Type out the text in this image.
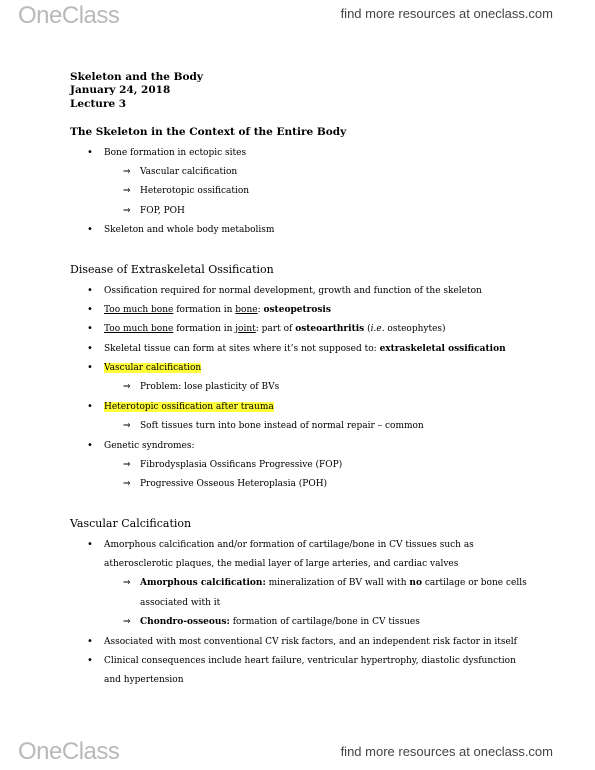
OneClass	find more resources at oneclass.com
Skeleton and the Body
January 24, 2018
Lecture 3
The Skeleton in the Context of the Entire Body
• Bone formation in ectopic sites
⇒ Vascular calcification
⇒ Heterotopic ossification
⇒ FOP, POH
• Skeleton and whole body metabolism
Disease of Extraskeletal Ossification
• Ossification required for normal development, growth and function of the skeleton
• Too much bone formation in bone: osteopetrosis
• Too much bone formation in joint: part of osteoarthritis (i.e. osteophytes)
• Skeletal tissue can form at sites where it’s not supposed to: extraskeletal ossification
• Vascular calcification
⇒ Problem: lose plasticity of BVs
• Heterotopic ossification after trauma
⇒ Soft tissues turn into bone instead of normal repair – common
• Genetic syndromes:
⇒ Fibrodysplasia Ossificans Progressive (FOP)
⇒ Progressive Osseous Heteroplasia (POH)
Vascular Calcification
• Amorphous calcification and/or formation of cartilage/bone in CV tissues such as
atherosclerotic plaques, the medial layer of large arteries, and cardiac valves
⇒ Amorphous calcification: mineralization of BV wall with no cartilage or bone cells
associated with it
⇒ Chondro-osseous: formation of cartilage/bone in CV tissues
• Associated with most conventional CV risk factors, and an independent risk factor in itself
• Clinical consequences include heart failure, ventricular hypertrophy, diastolic dysfunction
and hypertension
OneClass	find more resources at oneclass.com
